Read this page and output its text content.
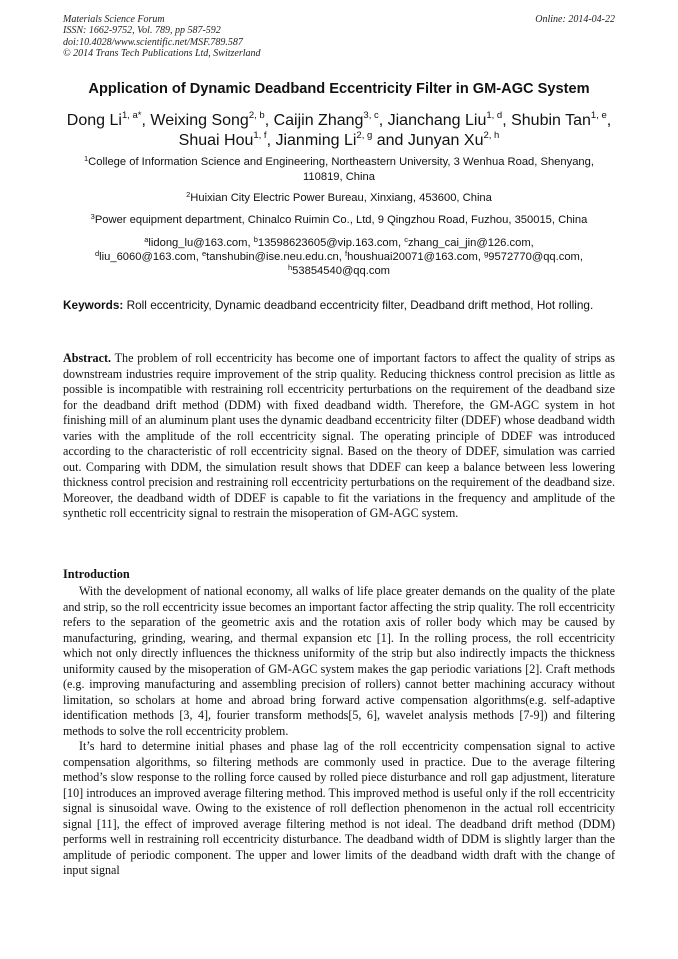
Materials Science Forum
ISSN: 1662-9752, Vol. 789, pp 587-592
doi:10.4028/www.scientific.net/MSF.789.587
© 2014 Trans Tech Publications Ltd, Switzerland
Online: 2014-04-22
Application of Dynamic Deadband Eccentricity Filter in GM-AGC System
Dong $Li^{1, a*}$, Weixing Song$^{2, b}$, Caijin Zhang$^{3, c}$, Jianchang Liu$^{1, d}$, Shubin Tan$^{1, e}$,
Shuai Hou$^{1, f}$, Jianming Li$^{2, g}$ and Junyan Xu$^{2, h}$
$^1$College of Information Science and Engineering, Northeastern University, 3 Wenhua Road, Shenyang, 110819, China
$^2$Huixian City Electric Power Bureau, Xinxiang, 453600, China
$^3$Power equipment department, Chinalco Ruimin Co., Ltd, 9 Qingzhou Road, Fuzhou, 350015, China
$^a$lidong_lu@163.com, $^b$13598623605@vip.163.com, $^c$zhang_cai_jin@126.com,
$^d$liu_6060@163.com, $^e$tanshubin@ise.neu.edu.cn, $^f$houshuai20071@163.com, $^g$9572770@qq.com,
$^h$53854540@qq.com
Keywords: Roll eccentricity, Dynamic deadband eccentricity filter, Deadband drift method, Hot rolling.
Abstract. The problem of roll eccentricity has become one of important factors to affect the quality of strips as downstream industries require improvement of the strip quality. Reducing thickness control precision as little as possible is incompatible with restraining roll eccentricity perturbations on the requirement of the deadband size for the deadband drift method (DDM) with fixed deadband width. Therefore, the GM-AGC system in hot finishing mill of an aluminum plant uses the dynamic deadband eccentricity filter (DDEF) whose deadband width varies with the amplitude of the roll eccentricity signal. The operating principle of DDEF was introduced according to the characteristic of roll eccentricity signal. Based on the theory of DDEF, simulation was carried out. Comparing with DDM, the simulation result shows that DDEF can keep a balance between less lowering thickness control precision and restraining roll eccentricity perturbations on the requirement of the deadband size. Moreover, the deadband width of DDEF is capable to fit the variations in the frequency and amplitude of the synthetic roll eccentricity signal to restrain the misoperation of GM-AGC system.
Introduction

With the development of national economy, all walks of life place greater demands on the quality of the plate and strip, so the roll eccentricity issue becomes an important factor affecting the strip quality. The roll eccentricity refers to the separation of the geometric axis and the rotation axis of roller body which may be caused by manufacturing, grinding, wearing, and thermal expansion etc [1]. In the rolling process, the roll eccentricity which not only directly influences the thickness uniformity of the strip but also indirectly impacts the thickness uniformity caused by the misoperation of GM-AGC system makes the gap periodic variations [2]. Craft methods (e.g. improving manufacturing and assembling precision of rollers) cannot better machining accuracy without limitation, so scholars at home and abroad bring forward active compensation algorithms(e.g. self-adaptive identification methods [3, 4], fourier transform methods[5, 6], wavelet analysis methods [7-9]) and filtering methods to solve the roll eccentricity problem.

It’s hard to determine initial phases and phase lag of the roll eccentricity compensation signal to active compensation algorithms, so filtering methods are commonly used in practice. Due to the average filtering method’s slow response to the rolling force caused by rolled piece disturbance and roll gap adjustment, literature [10] introduces an improved average filtering method. This improved method is useful only if the roll eccentricity signal is sinusoidal wave. Owing to the existence of roll deflection phenomenon in the actual roll eccentricity signal [11], the effect of improved average filtering method is not ideal. The deadband drift method (DDM) performs well in restraining roll eccentricity disturbance. The deadband width of DDM is slightly larger than the amplitude of periodic component. The upper and lower limits of the deadband width draft with the change of input signal
